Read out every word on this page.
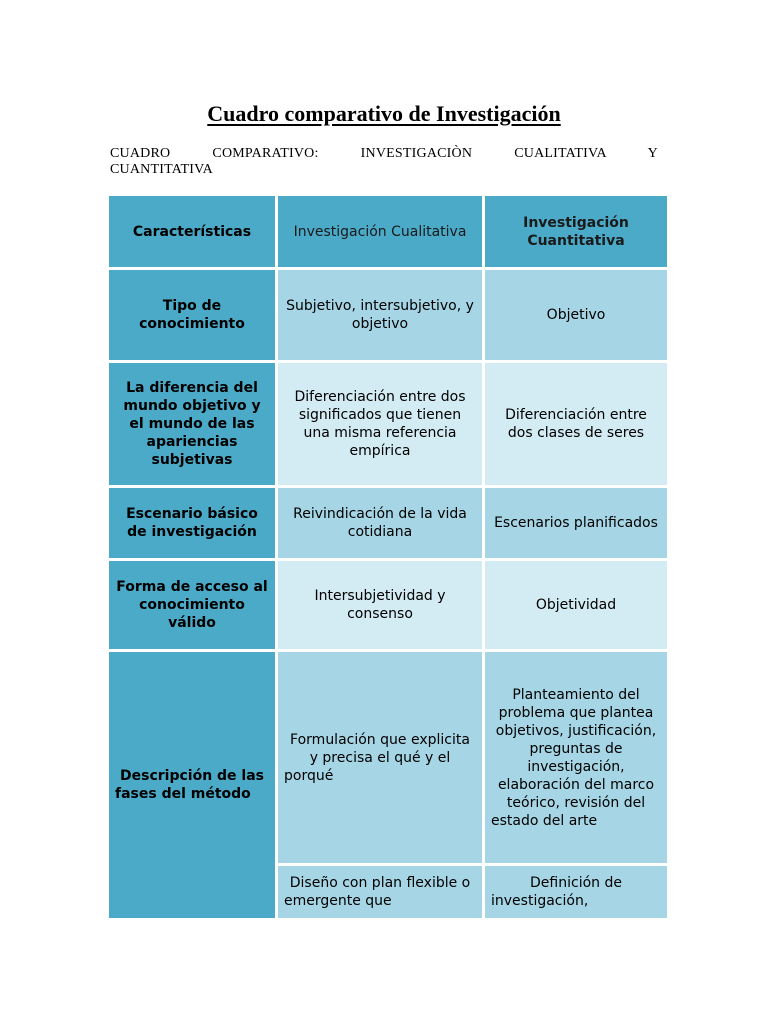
Cuadro comparativo de Investigación
CUADRO COMPARATIVO: INVESTIGACIÒN CUALITATIVA Y

CUANTITATIVA
Características	Investigación Cualitativa	Investigación Cuantitativa
Tipo de conocimiento	Subjetivo, intersubjetivo, y objetivo	Objetivo
La diferencia del mundo objetivo y el mundo de las apariencias subjetivas	Diferenciación entre dos significados que tienen una misma referencia empírica	Diferenciación entre dos clases de seres
Escenario básico de investigación	Reivindicación de la vida cotidiana	Escenarios planificados
Forma de acceso al conocimiento válido	Intersubjetividad y consenso	Objetividad
Descripción de las fases del método	Formulación que explicita y precisa el qué y el porqué	Planteamiento del problema que plantea objetivos, justificación, preguntas de investigación, elaboración del marco teórico, revisión del estado del arte
	Diseño con plan flexible o emergente que	Definición de investigación,
